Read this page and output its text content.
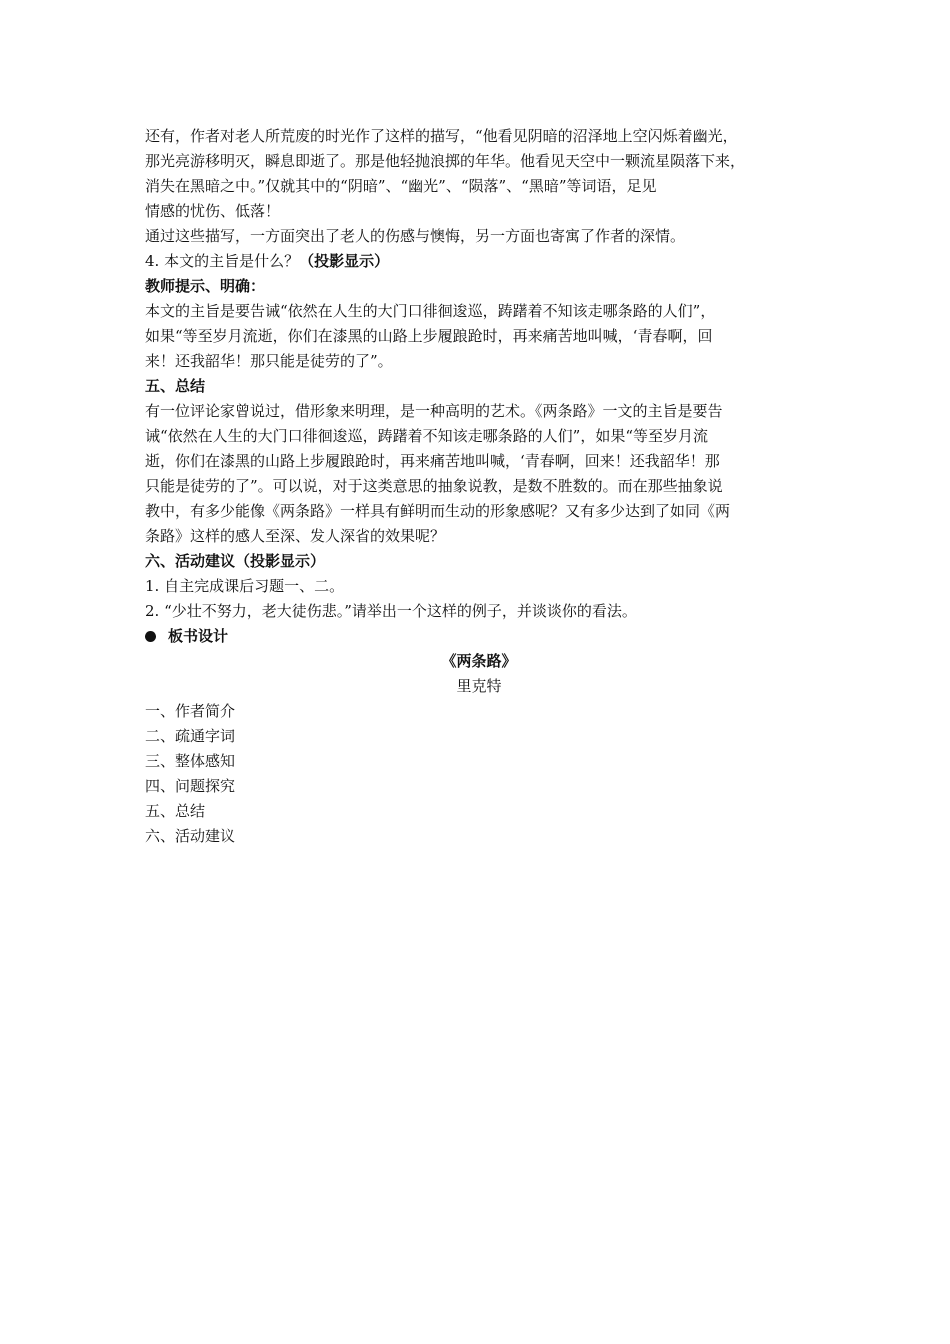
还有，作者对老人所荒废的时光作了这样的描写，“他看见阴暗的沼泽地上空闪烁着幽光，

那光亮游移明灭，瞬息即逝了。那是他轻抛浪掷的年华。他看见天空中一颗流星陨落下来，

消失在黑暗之中。”仅就其中的“阴暗”、“幽光”、“陨落”、“黑暗”等词语，足见

情感的忧伤、低落！

通过这些描写，一方面突出了老人的伤感与懊悔，另一方面也寄寓了作者的深情。

4. 本文的主旨是什么？（投影显示）

教师提示、明确：

本文的主旨是要告诫“依然在人生的大门口徘徊逡巡，踌躇着不知该走哪条路的人们”，

如果“等至岁月流逝，你们在漆黑的山路上步履踉跄时，再来痛苦地叫喊，‘青春啊，回

来！还我韶华！那只能是徒劳的了”。

五、总结

有一位评论家曾说过，借形象来明理，是一种高明的艺术。《两条路》一文的主旨是要告

诫“依然在人生的大门口徘徊逡巡，踌躇着不知该走哪条路的人们”，如果“等至岁月流

逝，你们在漆黑的山路上步履踉跄时，再来痛苦地叫喊，‘青春啊，回来！还我韶华！那

只能是徒劳的了”。可以说，对于这类意思的抽象说教，是数不胜数的。而在那些抽象说

教中，有多少能像《两条路》一样具有鲜明而生动的形象感呢？又有多少达到了如同《两

条路》这样的感人至深、发人深省的效果呢？

六、活动建议（投影显示）

1. 自主完成课后习题一、二。

2. “少壮不努力，老大徒伤悲。”请举出一个这样的例子，并谈谈你的看法。

板书设计

《两条路》

里克特

一、作者简介

二、疏通字词

三、整体感知

四、问题探究

五、总结

六、活动建议
